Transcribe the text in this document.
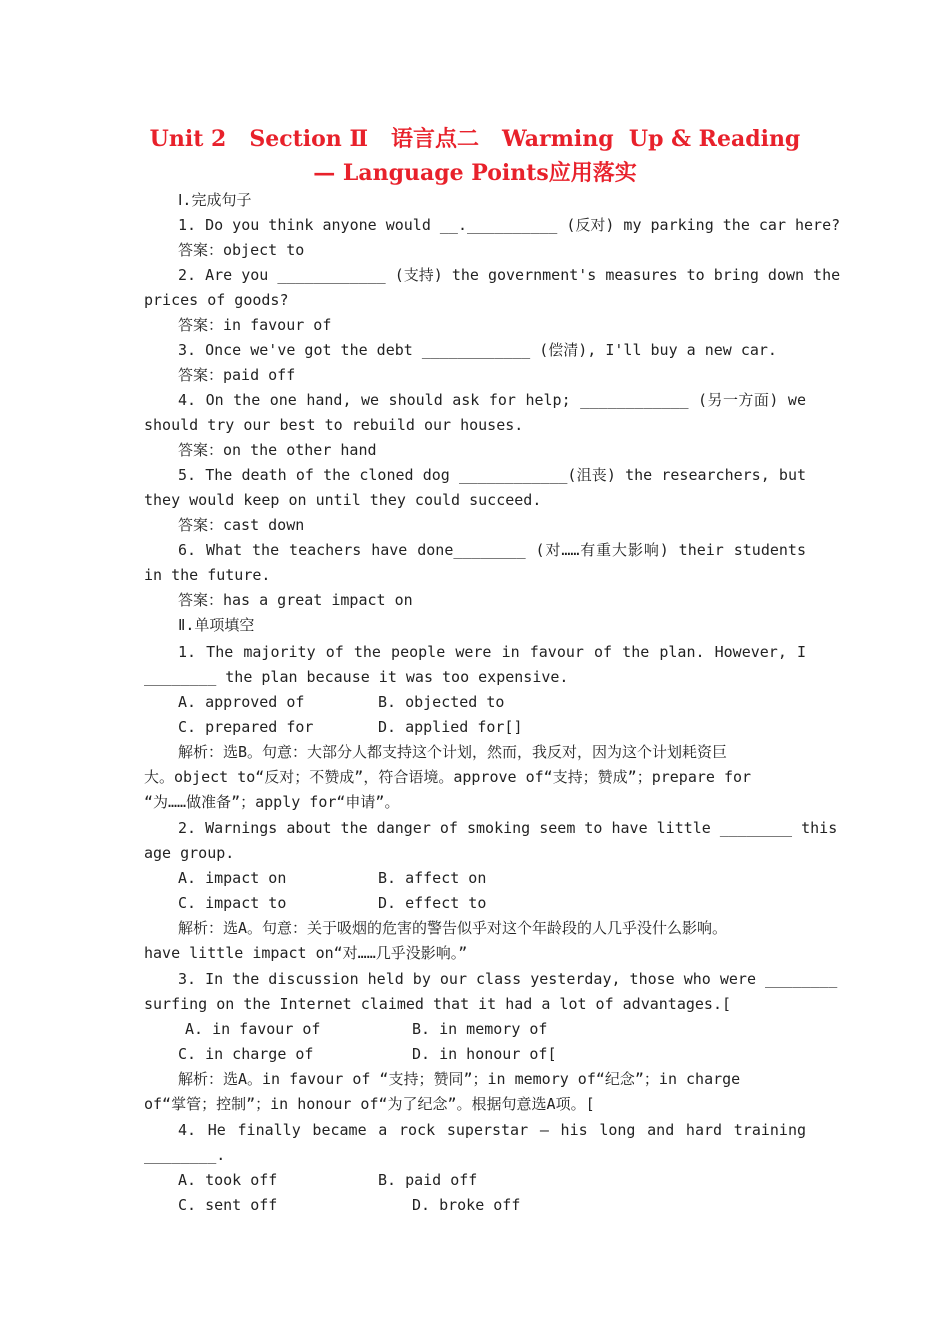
Unit 2   Section Ⅱ   语言点二   Warming  Up & Reading
— Language Points应用落实
Ⅰ.完成句子
1. Do you think anyone would __.__________ (反对) my parking the car here?
答案：object to
2. Are you ____________ (支持) the government's measures to bring down the
prices of goods?
答案：in favour of
3. Once we've got the debt ____________ (偿清), I'll buy a new car.
答案：paid off
4. On the one hand, we should ask for help; ____________ (另一方面) we
should try our best to rebuild our houses.
答案：on the other hand
5. The death of the cloned dog ____________(沮丧) the researchers, but
they would keep on until they could succeed.
答案：cast down
6. What the teachers have done________ (对……有重大影响) their students
in the future.
答案：has a great impact on
Ⅱ.单项填空
1. The majority of the people were in favour of the plan. However, I
________ the plan because it was too expensive.
A. approved of	B. objected to
C. prepared for	D. applied for[]
解析：选B。句意：大部分人都支持这个计划，然而，我反对，因为这个计划耗资巨
大。object to“反对；不赞成”，符合语境。approve of“支持；赞成”；prepare for
“为……做准备”；apply for“申请”。
2. Warnings about the danger of smoking seem to have little ________ this
age group.
A. impact on	B. affect on
C. impact to	D. effect to
解析：选A。句意：关于吸烟的危害的警告似乎对这个年龄段的人几乎没什么影响。
have little impact on“对……几乎没影响。”
3. In the discussion held by our class yesterday, those who were ________
surfing on the Internet claimed that it had a lot of advantages.[
A. in favour of	B. in memory of
C. in charge of	D. in honour of[
解析：选A。in favour of “支持；赞同”；in memory of“纪念”；in charge
of“掌管；控制”；in honour of“为了纪念”。根据句意选A项。[
4. He finally became a rock superstar — his long and hard training
________.
A. took off	B. paid off
C. sent off	D. broke off
